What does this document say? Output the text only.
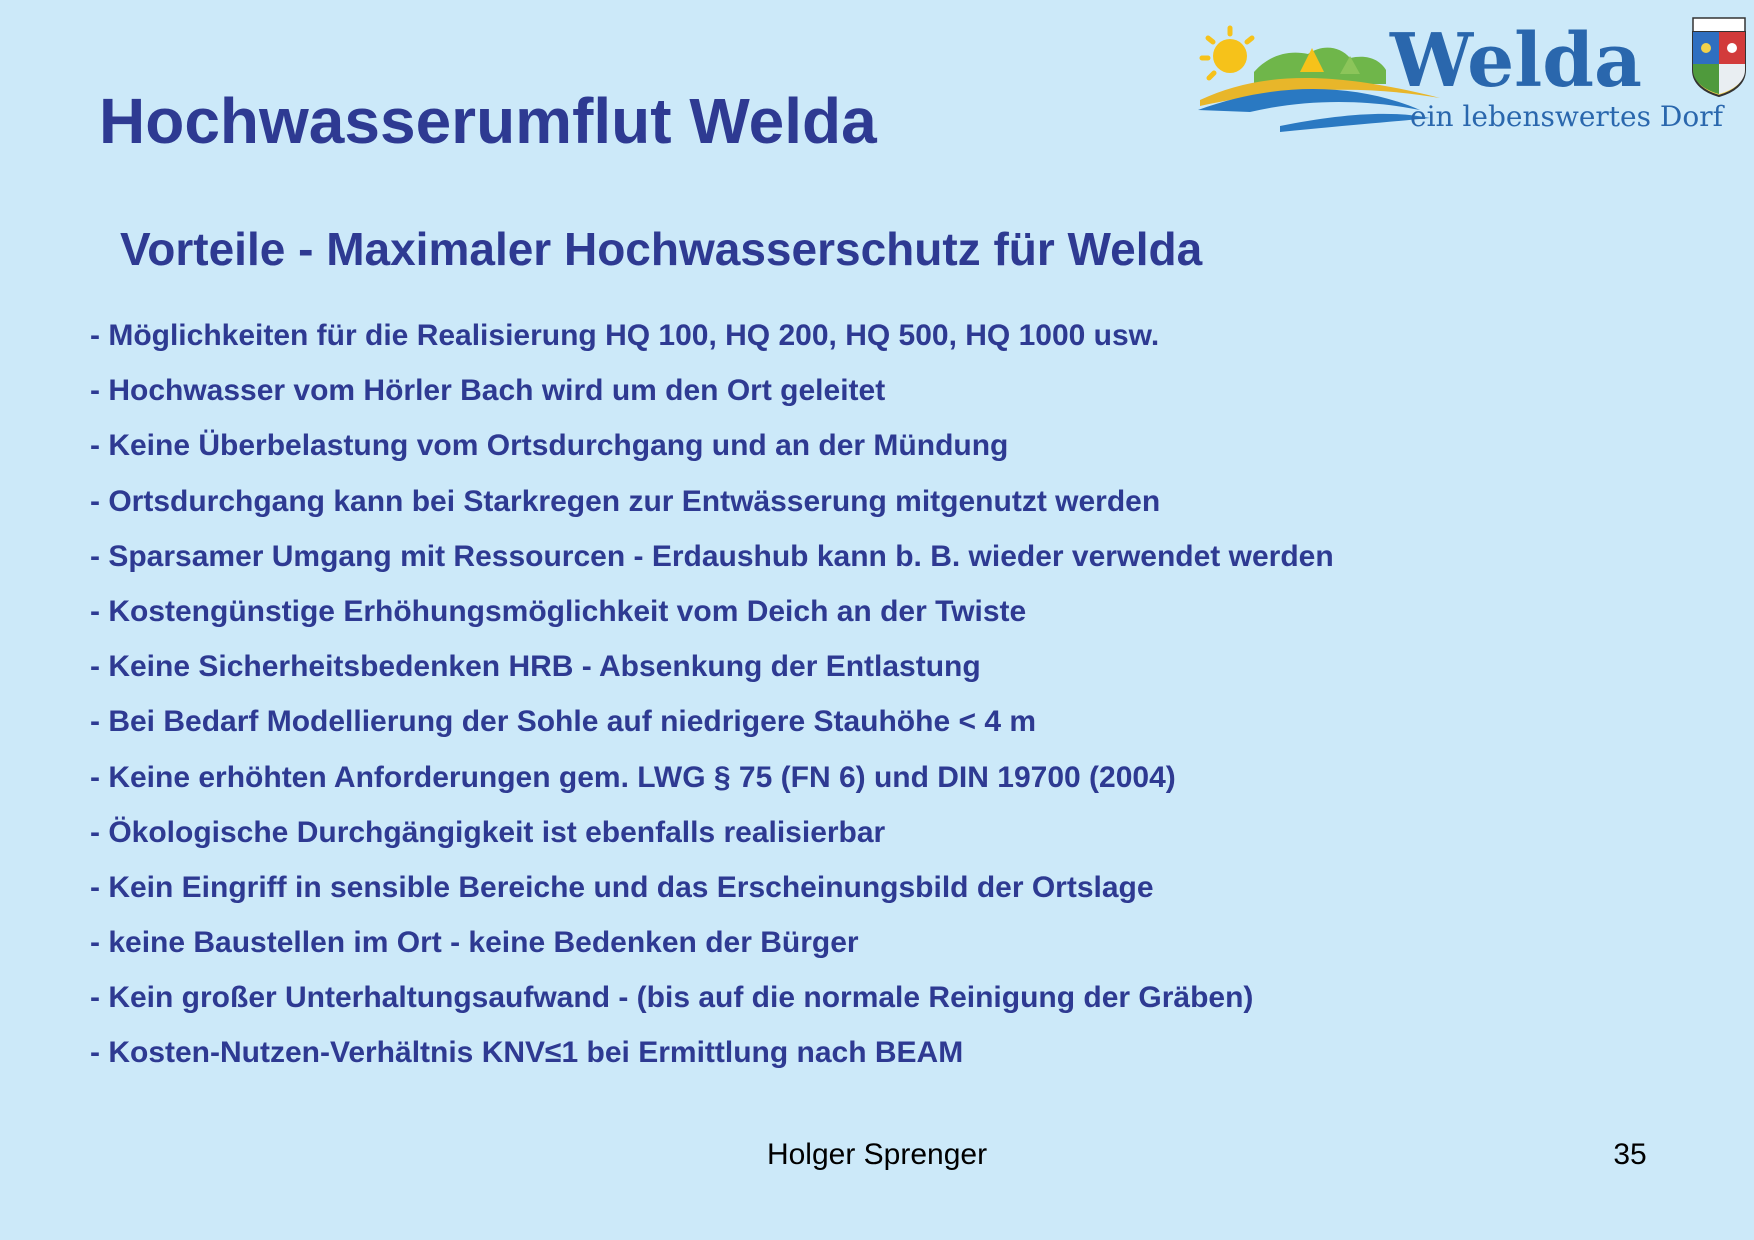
Hochwasserumflut Welda
Welda
ein lebenswertes Dorf
Vorteile - Maximaler Hochwasserschutz für Welda
- Möglichkeiten für die Realisierung HQ 100, HQ 200, HQ 500, HQ 1000 usw.
- Hochwasser vom Hörler Bach wird um den Ort geleitet
- Keine Überbelastung vom Ortsdurchgang und an der Mündung
- Ortsdurchgang kann bei Starkregen zur Entwässerung mitgenutzt werden
- Sparsamer Umgang mit Ressourcen - Erdaushub kann b. B. wieder verwendet werden
- Kostengünstige Erhöhungsmöglichkeit vom Deich an der Twiste
- Keine Sicherheitsbedenken HRB - Absenkung der Entlastung
- Bei Bedarf Modellierung der Sohle auf niedrigere Stauhöhe < 4 m
- Keine erhöhten Anforderungen gem. LWG § 75 (FN 6) und DIN 19700 (2004)
- Ökologische Durchgängigkeit ist ebenfalls realisierbar
- Kein Eingriff in sensible Bereiche und das Erscheinungsbild der Ortslage
- keine Baustellen im Ort - keine Bedenken der Bürger
- Kein großer Unterhaltungsaufwand - (bis auf die normale Reinigung der Gräben)
- Kosten-Nutzen-Verhältnis KNV≤1 bei Ermittlung nach BEAM
Holger Sprenger	35
